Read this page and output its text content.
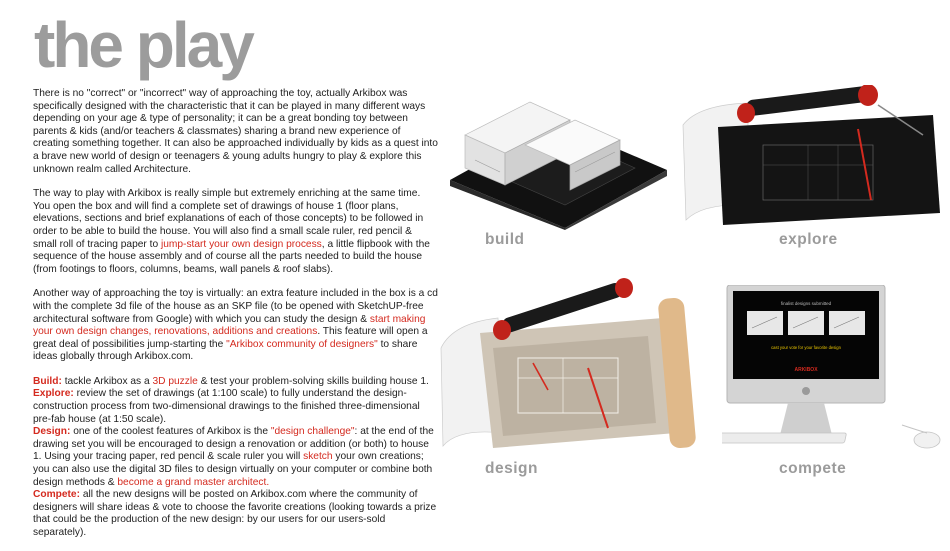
the play

There is no "correct" or "incorrect" way of approaching the toy, actually Arkibox was specifically designed with the characteristic that it can be played in many different ways depending on your age & type of personality; it can be a great bonding toy between parents & kids (and/or teachers & classmates) sharing a brand new experience of creating something together. It can also be approached individually by kids as a quest into a brave new world of design or teenagers & young adults hungry to play & explore this unknown realm called Architecture.

The way to play with Arkibox is really simple but extremely enriching at the same time. You open the box and will find a complete set of drawings of house 1 (floor plans, elevations, sections and brief explanations of each of those concepts) to be followed in order to be able to build the house. You will also find a small scale ruler, red pencil & small roll of tracing paper to jump-start your own design process, a little flipbook with the sequence of the house assembly and of course all the parts needed to build the house (from footings to floors, columns, beams, wall panels & roof slabs).

Another way of approaching the toy is virtually: an extra feature included in the box is a cd with the complete 3d file of the house as an SKP file (to be opened with SketchUP-free architectural software from Google) with which you can study the design & start making your own design changes, renovations, additions and creations. This feature will open a great deal of possibilities jump-starting the "Arkibox community of designers" to share ideas globally through Arkibox.com.

Build: tackle Arkibox as a 3D puzzle & test your problem-solving skills building house 1.

Explore: review the set of drawings (at 1:100 scale) to fully understand the design-construction process from two-dimensional drawings to the finished three-dimensional pre-fab house (at 1:50 scale).

Design: one of the coolest features of Arkibox is the "design challenge": at the end of the drawing set you will be encouraged to design a renovation or addition (or both) to house 1. Using your tracing paper, red pencil & scale ruler you will sketch your own creations; you can also use the digital 3D files to design virtually on your computer or combine both design methods & become a grand master architect.

Compete: all the new designs will be posted on Arkibox.com where the community of designers will share ideas & vote to choose the favorite creations (looking towards a prize that could be the production of the new design: by our users for our users-sold separately).

build	explore
design
finalist designs submitted
cast your vote for your favorite design
ARKIBOX
compete
